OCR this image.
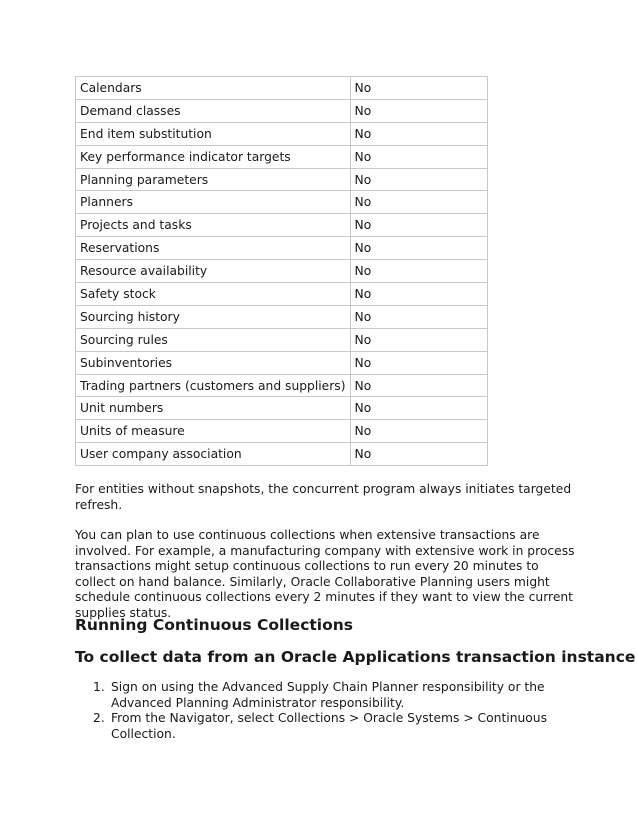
Calendars	No
Demand classes	No
End item substitution	No
Key performance indicator targets	No
Planning parameters	No
Planners	No
Projects and tasks	No
Reservations	No
Resource availability	No
Safety stock	No
Sourcing history	No
Sourcing rules	No
Subinventories	No
Trading partners (customers and suppliers)	No
Unit numbers	No
Units of measure	No
User company association	No

For entities without snapshots, the concurrent program always initiates targeted refresh.

You can plan to use continuous collections when extensive transactions are involved. For example, a manufacturing company with extensive work in process transactions might setup continuous collections to run every 20 minutes to collect on hand balance. Similarly, Oracle Collaborative Planning users might schedule continuous collections every 2 minutes if they want to view the current supplies status.

Running Continuous Collections
To collect data from an Oracle Applications transaction instance
1. Sign on using the Advanced Supply Chain Planner responsibility or the Advanced Planning Administrator responsibility.
2. From the Navigator, select Collections > Oracle Systems > Continuous Collection.
